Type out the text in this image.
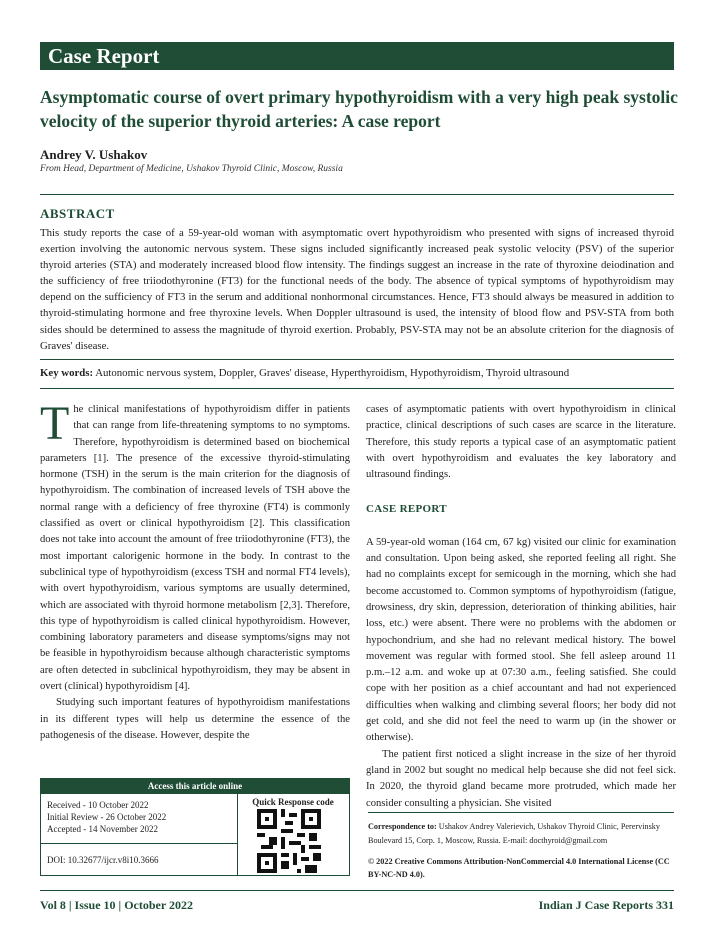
Case Report
Asymptomatic course of overt primary hypothyroidism with a very high peak systolic velocity of the superior thyroid arteries: A case report
Andrey V. Ushakov
From Head, Department of Medicine, Ushakov Thyroid Clinic, Moscow, Russia
ABSTRACT

This study reports the case of a 59-year-old woman with asymptomatic overt hypothyroidism who presented with signs of increased thyroid exertion involving the autonomic nervous system. These signs included significantly increased peak systolic velocity (PSV) of the superior thyroid arteries (STA) and moderately increased blood flow intensity. The findings suggest an increase in the rate of thyroxine deiodination and the sufficiency of free triiodothyronine (FT3) for the functional needs of the body. The absence of typical symptoms of hypothyroidism may depend on the sufficiency of FT3 in the serum and additional nonhormonal circumstances. Hence, FT3 should always be measured in addition to thyroid-stimulating hormone and free thyroxine levels. When Doppler ultrasound is used, the intensity of blood flow and PSV-STA from both sides should be determined to assess the magnitude of thyroid exertion. Probably, PSV-STA may not be an absolute criterion for the diagnosis of Graves' disease.

Key words: Autonomic nervous system, Doppler, Graves' disease, Hyperthyroidism, Hypothyroidism, Thyroid ultrasound

The clinical manifestations of hypothyroidism differ in patients that can range from life-threatening symptoms to no symptoms. Therefore, hypothyroidism is determined based on biochemical parameters [1]. The presence of the excessive thyroid-stimulating hormone (TSH) in the serum is the main criterion for the diagnosis of hypothyroidism. The combination of increased levels of TSH above the normal range with a deficiency of free thyroxine (FT4) is commonly classified as overt or clinical hypothyroidism [2]. This classification does not take into account the amount of free triiodothyronine (FT3), the most important calorigenic hormone in the body. In contrast to the subclinical type of hypothyroidism (excess TSH and normal FT4 levels), with overt hypothyroidism, various symptoms are usually determined, which are associated with thyroid hormone metabolism [2,3]. Therefore, this type of hypothyroidism is called clinical hypothyroidism. However, combining laboratory parameters and disease symptoms/signs may not be feasible in hypothyroidism because although characteristic symptoms are often detected in subclinical hypothyroidism, they may be absent in overt (clinical) hypothyroidism [4].

Studying such important features of hypothyroidism manifestations in its different types will help us determine the essence of the pathogenesis of the disease. However, despite the

cases of asymptomatic patients with overt hypothyroidism in clinical practice, clinical descriptions of such cases are scarce in the literature. Therefore, this study reports a typical case of an asymptomatic patient with overt hypothyroidism and evaluates the key laboratory and ultrasound findings.

CASE REPORT

A 59-year-old woman (164 cm, 67 kg) visited our clinic for examination and consultation. Upon being asked, she reported feeling all right. She had no complaints except for semicough in the morning, which she had become accustomed to. Common symptoms of hypothyroidism (fatigue, drowsiness, dry skin, depression, deterioration of thinking abilities, hair loss, etc.) were absent. There were no problems with the abdomen or hypochondrium, and she had no relevant medical history. The bowel movement was regular with formed stool. She fell asleep around 11 p.m.–12 a.m. and woke up at 07:30 a.m., feeling satisfied. She could cope with her position as a chief accountant and had not experienced difficulties when walking and climbing several floors; her body did not get cold, and she did not feel the need to warm up (in the shower or otherwise).

The patient first noticed a slight increase in the size of her thyroid gland in 2002 but sought no medical help because she did not feel sick. In 2020, the thyroid gland became more protruded, which made her consider consulting a physician. She visited

Access this article online
Received - 10 October 2022
Initial Review - 26 October 2022
Accepted - 14 November 2022
DOI: 10.32677/ijcr.v8i10.3666
Quick Response code

Correspondence to: Ushakov Andrey Valerievich, Ushakov Thyroid Clinic, Perervinsky Boulevard 15, Corp. 1, Moscow, Russia. E-mail: docthyroid@gmail.com

© 2022 Creative Commons Attribution-NonCommercial 4.0 International License (CC BY-NC-ND 4.0).

Vol 8 | Issue 10 | October 2022	Indian J Case Reports 331
